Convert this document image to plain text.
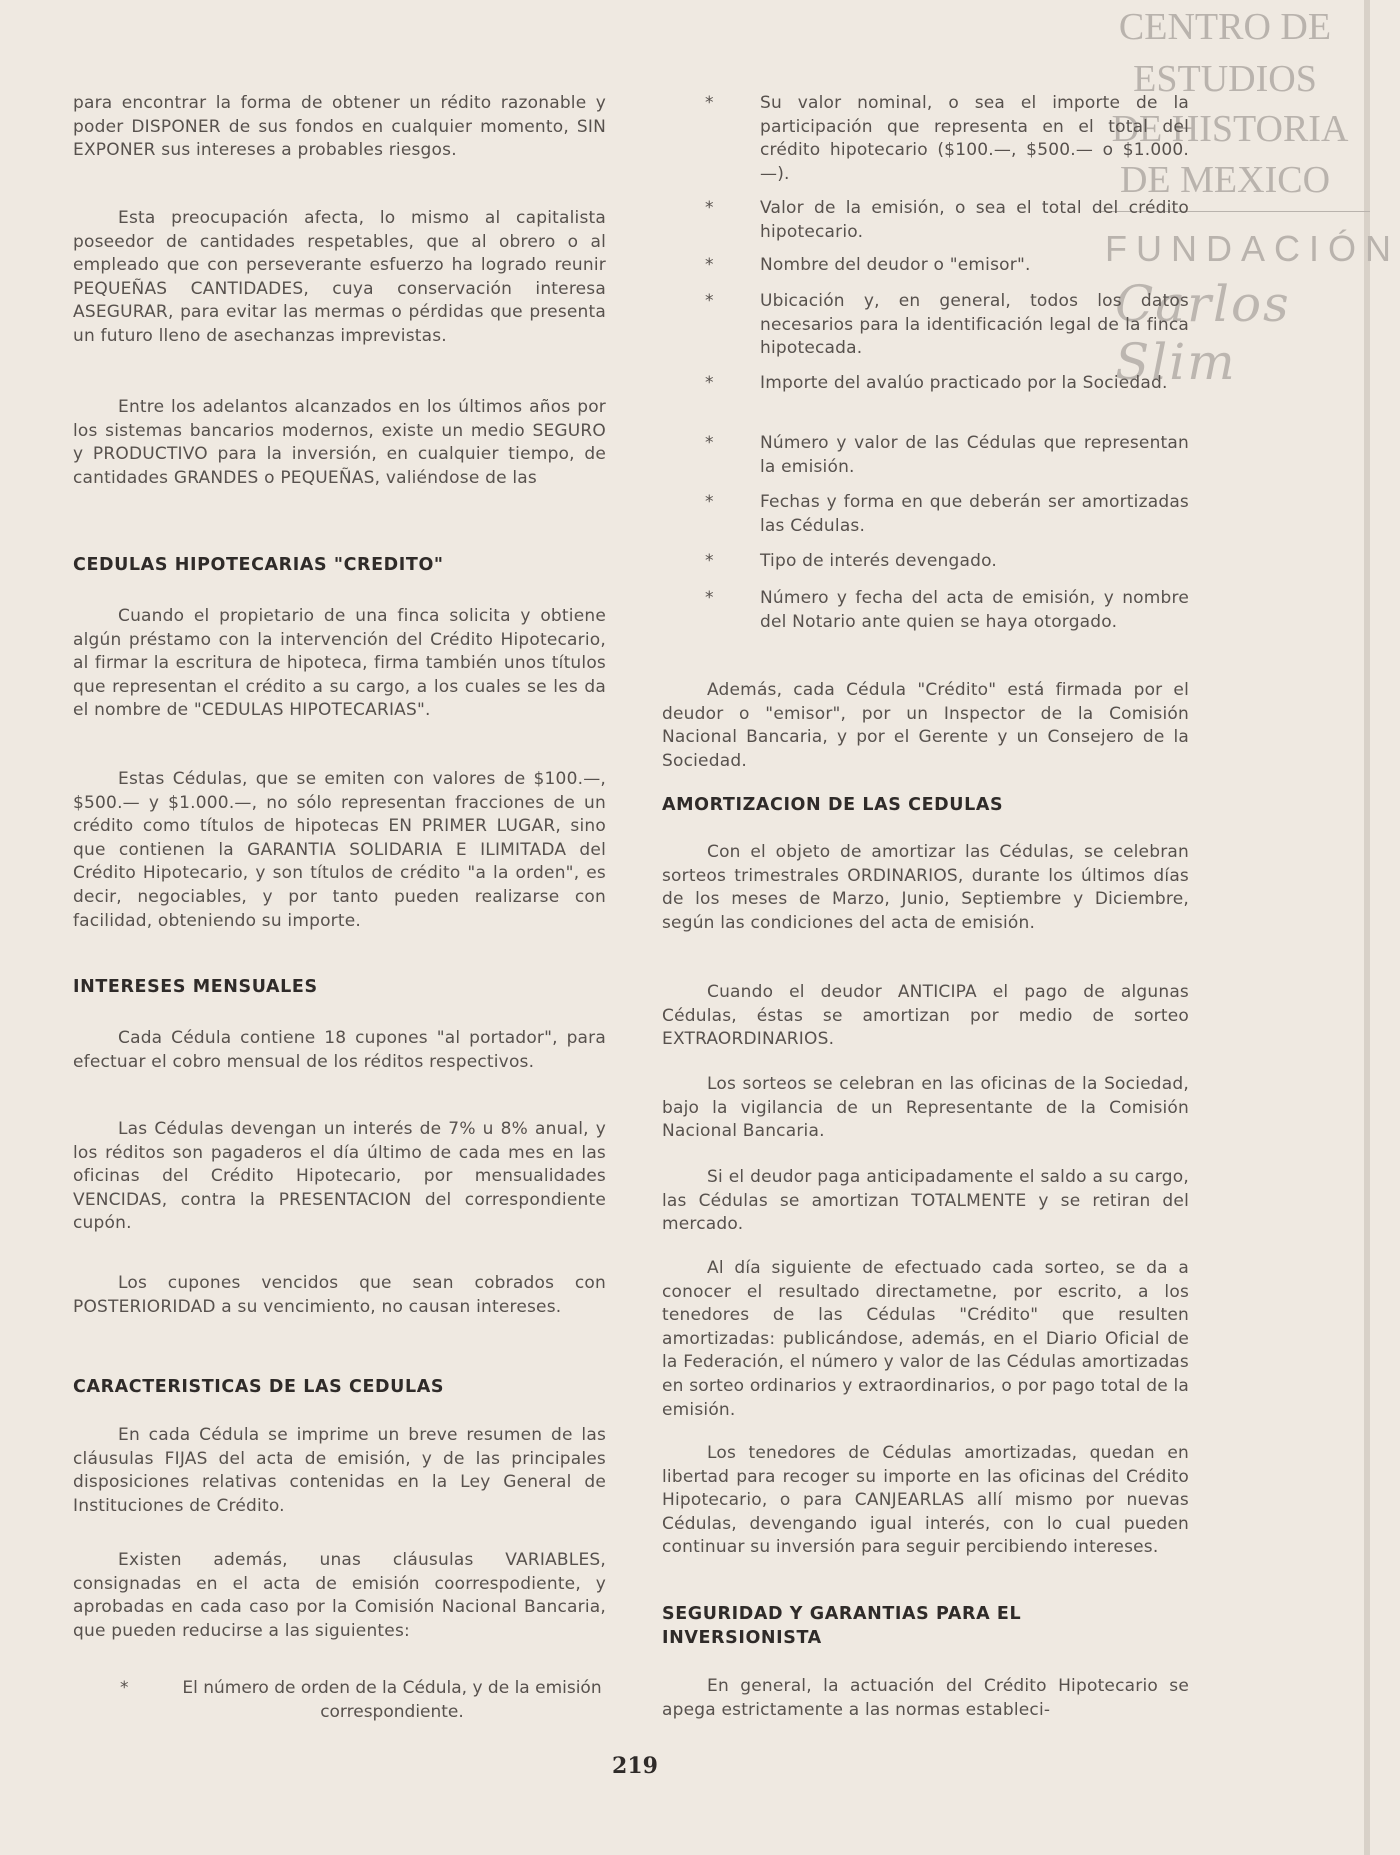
CENTRO DE
ESTUDIOS
DE HISTORIA
DE MEXICO
FUNDACIÓN
Carlos Slim
para encontrar la forma de obtener un rédito razonable y poder DISPONER de sus fondos en cualquier momento, SIN EXPONER sus intereses a probables riesgos.
Esta preocupación afecta, lo mismo al capitalista poseedor de cantidades respetables, que al obrero o al empleado que con perseverante esfuerzo ha logrado reunir PEQUEÑAS CANTIDADES, cuya conservación interesa ASEGURAR, para evitar las mermas o pérdidas que presenta un futuro lleno de asechanzas imprevistas.
Entre los adelantos alcanzados en los últimos años por los sistemas bancarios modernos, existe un medio SEGURO y PRODUCTIVO para la inversión, en cualquier tiempo, de cantidades GRANDES o PEQUEÑAS, valiéndose de las
CEDULAS HIPOTECARIAS "CREDITO"
Cuando el propietario de una finca solicita y obtiene algún préstamo con la intervención del Crédito Hipotecario, al firmar la escritura de hipoteca, firma también unos títulos que representan el crédito a su cargo, a los cuales se les da el nombre de "CEDULAS HIPOTECARIAS".
Estas Cédulas, que se emiten con valores de $100.—, $500.— y $1.000.—, no sólo representan fracciones de un crédito como títulos de hipotecas EN PRIMER LUGAR, sino que contienen la GARANTIA SOLIDARIA E ILIMITADA del Crédito Hipotecario, y son títulos de crédito "a la orden", es decir, negociables, y por tanto pueden realizarse con facilidad, obteniendo su importe.
INTERESES MENSUALES
Cada Cédula contiene 18 cupones "al portador", para efectuar el cobro mensual de los réditos respectivos.
Las Cédulas devengan un interés de 7% u 8% anual, y los réditos son pagaderos el día último de cada mes en las oficinas del Crédito Hipotecario, por mensualidades VENCIDAS, contra la PRESENTACION del correspondiente cupón.
Los cupones vencidos que sean cobrados con POSTERIORIDAD a su vencimiento, no causan intereses.
CARACTERISTICAS DE LAS CEDULAS
En cada Cédula se imprime un breve resumen de las cláusulas FIJAS del acta de emisión, y de las principales disposiciones relativas contenidas en la Ley General de Instituciones de Crédito.
Existen además, unas cláusulas VARIABLES, consignadas en el acta de emisión coorrespodiente, y aprobadas en cada caso por la Comisión Nacional Bancaria, que pueden reducirse a las siguientes:
*	El número de orden de la Cédula, y de la emisión correspondiente.
*	Su valor nominal, o sea el importe de la participación que representa en el total del crédito hipotecario ($100.—, $500.— o $1.000.—).
*	Valor de la emisión, o sea el total del crédito hipotecario.
*	Nombre del deudor o "emisor".
*	Ubicación y, en general, todos los datos necesarios para la identificación legal de la finca hipotecada.
*	Importe del avalúo practicado por la Sociedad.
*	Número y valor de las Cédulas que representan la emisión.
*	Fechas y forma en que deberán ser amortizadas las Cédulas.
*	Tipo de interés devengado.
*	Número y fecha del acta de emisión, y nombre del Notario ante quien se haya otorgado.
Además, cada Cédula "Crédito" está firmada por el deudor o "emisor", por un Inspector de la Comisión Nacional Bancaria, y por el Gerente y un Consejero de la Sociedad.
AMORTIZACION DE LAS CEDULAS
Con el objeto de amortizar las Cédulas, se celebran sorteos trimestrales ORDINARIOS, durante los últimos días de los meses de Marzo, Junio, Septiembre y Diciembre, según las condiciones del acta de emisión.
Cuando el deudor ANTICIPA el pago de algunas Cédulas, éstas se amortizan por medio de sorteo EXTRAORDINARIOS.
Los sorteos se celebran en las oficinas de la Sociedad, bajo la vigilancia de un Representante de la Comisión Nacional Bancaria.
Si el deudor paga anticipadamente el saldo a su cargo, las Cédulas se amortizan TOTALMENTE y se retiran del mercado.
Al día siguiente de efectuado cada sorteo, se da a conocer el resultado directametne, por escrito, a los tenedores de las Cédulas "Crédito" que resulten amortizadas: publicándose, además, en el Diario Oficial de la Federación, el número y valor de las Cédulas amortizadas en sorteo ordinarios y extraordinarios, o por pago total de la emisión.
Los tenedores de Cédulas amortizadas, quedan en libertad para recoger su importe en las oficinas del Crédito Hipotecario, o para CANJEARLAS allí mismo por nuevas Cédulas, devengando igual interés, con lo cual pueden continuar su inversión para seguir percibiendo intereses.
SEGURIDAD Y GARANTIAS PARA EL INVERSIONISTA
En general, la actuación del Crédito Hipotecario se apega estrictamente a las normas estableci-
219
